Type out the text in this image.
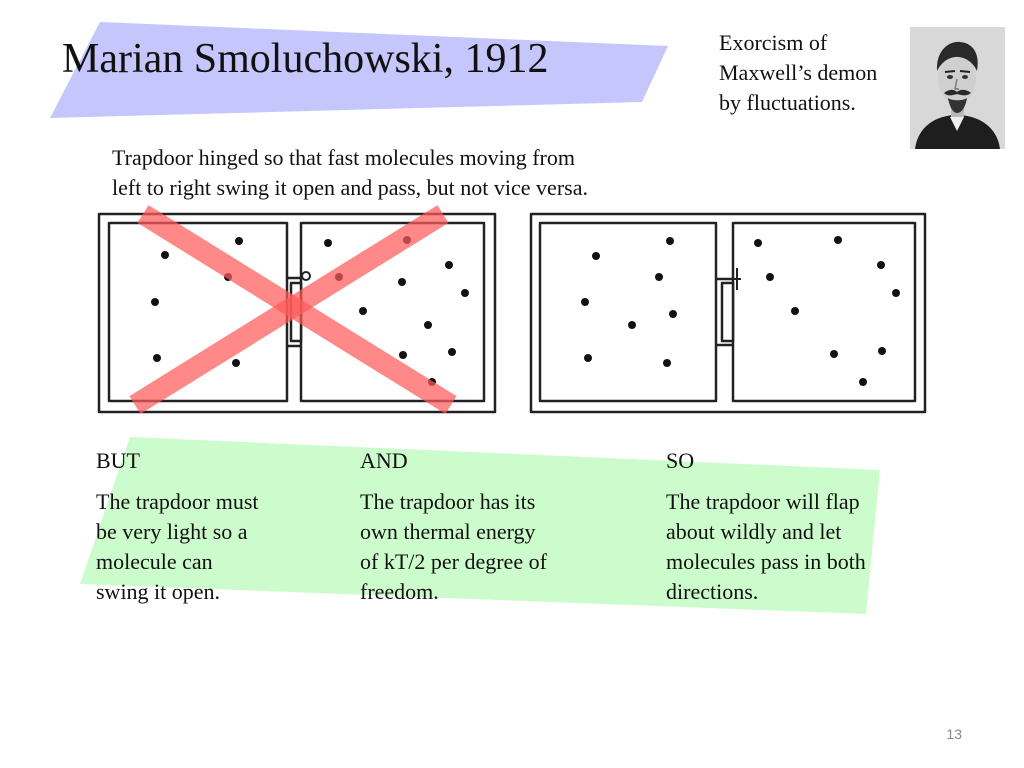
Marian Smoluchowski, 1912	Exorcism of
Maxwell’s demon
by fluctuations.
Trapdoor hinged so that fast molecules moving from
left to right swing it open and pass, but not vice versa.
BUT
The trapdoor must
be very light so a
molecule can
swing it open.
AND
The trapdoor has its
own thermal energy
of kT/2 per degree of
freedom.
SO
The trapdoor will flap
about wildly and let
molecules pass in both
directions.
13
